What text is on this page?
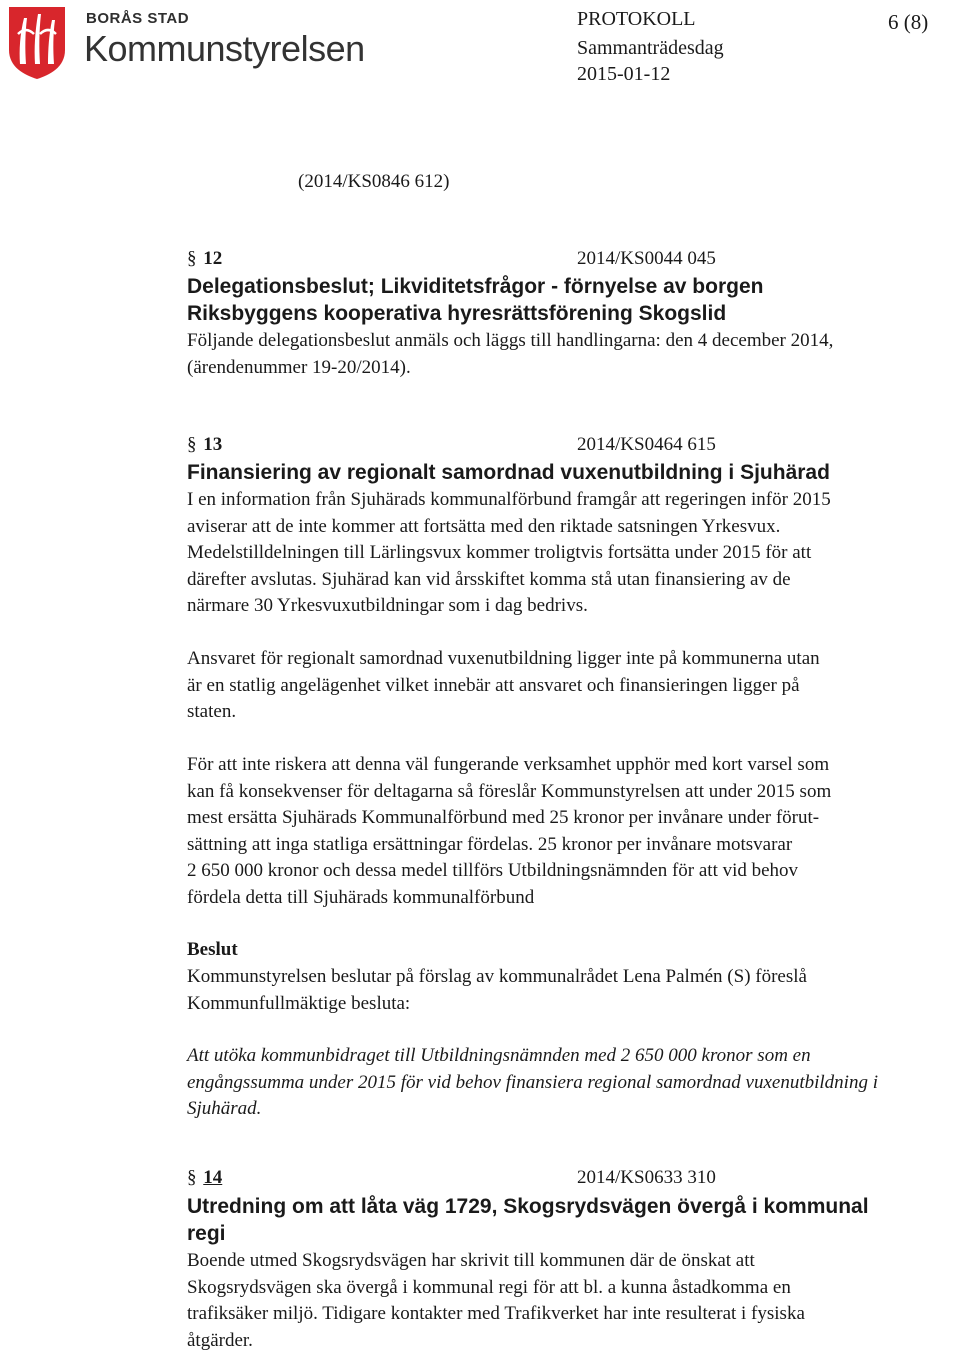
BORÅS STAD
Kommunstyrelsen
PROTOKOLL	6 (8)
Sammanträdesdag
2015-01-12
(2014/KS0846 612)
§ 12	2014/KS0044 045
Delegationsbeslut; Likviditetsfrågor - förnyelse av borgen
Riksbyggens kooperativa hyresrättsförening Skogslid
Följande delegationsbeslut anmäls och läggs till handlingarna: den 4 december 2014,
(ärendenummer 19-20/2014).
§ 13	2014/KS0464 615
Finansiering av regionalt samordnad vuxenutbildning i Sjuhärad
I en information från Sjuhärads kommunalförbund framgår att regeringen inför 2015
aviserar att de inte kommer att fortsätta med den riktade satsningen Yrkesvux.
Medelstilldelningen till Lärlingsvux kommer troligtvis fortsätta under 2015 för att
därefter avslutas. Sjuhärad kan vid årsskiftet komma stå utan finansiering av de
närmare 30 Yrkesvuxutbildningar som i dag bedrivs.
Ansvaret för regionalt samordnad vuxenutbildning ligger inte på kommunerna utan
är en statlig angelägenhet vilket innebär att ansvaret och finansieringen ligger på
staten.
För att inte riskera att denna väl fungerande verksamhet upphör med kort varsel som
kan få konsekvenser för deltagarna så föreslår Kommunstyrelsen att under 2015 som
mest ersätta Sjuhärads Kommunalförbund med 25 kronor per invånare under förut-
sättning att inga statliga ersättningar fördelas. 25 kronor per invånare motsvarar
2 650 000 kronor och dessa medel tillförs Utbildningsnämnden för att vid behov
fördela detta till Sjuhärads kommunalförbund
Beslut
Kommunstyrelsen beslutar på förslag av kommunalrådet Lena Palmén (S) föreslå
Kommunfullmäktige besluta:
Att utöka kommunbidraget till Utbildningsnämnden med 2 650 000 kronor som en
engångssumma under 2015 för vid behov finansiera regional samordnad vuxenutbildning i
Sjuhärad.
§ 14	2014/KS0633 310
Utredning om att låta väg 1729, Skogsrydsvägen övergå i kommunal
regi
Boende utmed Skogsrydsvägen har skrivit till kommunen där de önskat att
Skogsrydsvägen ska övergå i kommunal regi för att bl. a kunna åstadkomma en
trafiksäker miljö. Tidigare kontakter med Trafikverket har inte resulterat i fysiska
åtgärder.
